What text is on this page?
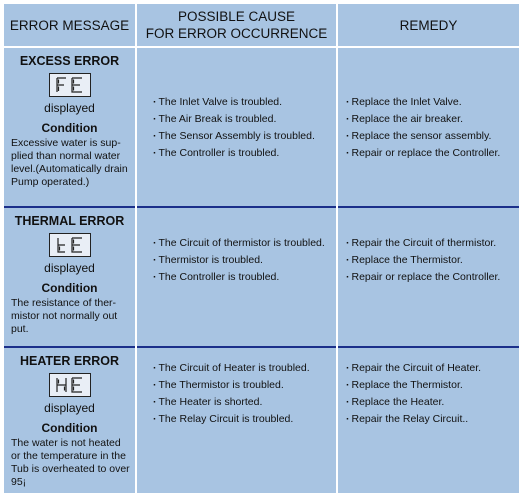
ERROR MESSAGE
POSSIBLE CAUSE
FOR ERROR OCCURRENCE
REMEDY
EXCESS ERROR
displayed
Condition
Excessive water is sup-plied than normal water level.(Automatically drain Pump operated.)
· The Inlet Valve is troubled.
· The Air Break is troubled.
· The Sensor Assembly is troubled.
· The Controller is troubled.
· Replace the Inlet Valve.
· Replace the air breaker.
· Replace the sensor assembly.
· Repair or replace the Controller.
THERMAL ERROR
displayed
Condition
The resistance of ther-mistor not normally out put.
· The Circuit of thermistor is troubled.
· Thermistor is troubled.
· The Controller is troubled.
· Repair the Circuit of thermistor.
· Replace the Thermistor.
· Repair or replace the Controller.
HEATER ERROR
displayed
Condition
The water is not heated or the temperature in the Tub is overheated to over 95¡
· The Circuit of Heater is troubled.
· The Thermistor is troubled.
· The Heater is shorted.
· The Relay Circuit is troubled.
· Repair the Circuit of Heater.
· Replace the Thermistor.
· Replace the Heater.
· Repair the Relay Circuit..
